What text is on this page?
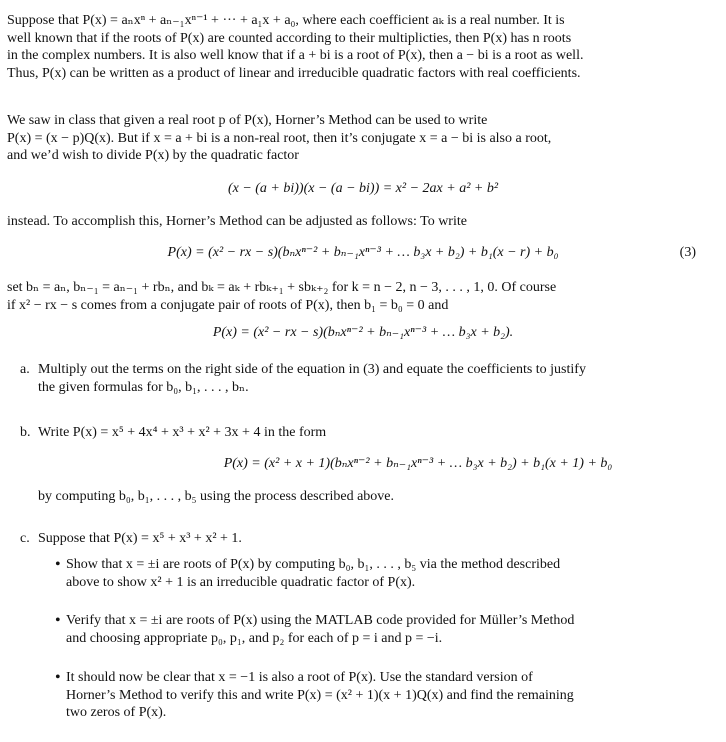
Suppose that P(x) = aₙxⁿ + aₙ₋₁xⁿ⁻¹ + ··· + a₁x + a₀, where each coefficient aₖ is a real number. It is
well known that if the roots of P(x) are counted according to their multiplicties, then P(x) has n roots
in the complex numbers. It is also well know that if a + bi is a root of P(x), then a − bi is a root as well.
Thus, P(x) can be written as a product of linear and irreducible quadratic factors with real coefficients.
We saw in class that given a real root p of P(x), Horner’s Method can be used to write
P(x) = (x − p)Q(x). But if x = a + bi is a non-real root, then it’s conjugate x = a − bi is also a root,
and we’d wish to divide P(x) by the quadratic factor
(x − (a + bi))(x − (a − bi)) = x² − 2ax + a² + b²
instead. To accomplish this, Horner’s Method can be adjusted as follows: To write
P(x) = (x² − rx − s)(bₙxⁿ⁻² + bₙ₋₁xⁿ⁻³ + … b₃x + b₂) + b₁(x − r) + b₀	(3)
set bₙ = aₙ, bₙ₋₁ = aₙ₋₁ + rbₙ, and bₖ = aₖ + rbₖ₊₁ + sbₖ₊₂ for k = n − 2, n − 3, . . . , 1, 0. Of course
if x² − rx − s comes from a conjugate pair of roots of P(x), then b₁ = b₀ = 0 and
P(x) = (x² − rx − s)(bₙxⁿ⁻² + bₙ₋₁xⁿ⁻³ + … b₃x + b₂).
a. Multiply out the terms on the right side of the equation in (3) and equate the coefficients to justify
the given formulas for b₀, b₁, . . . , bₙ.
b. Write P(x) = x⁵ + 4x⁴ + x³ + x² + 3x + 4 in the form
P(x) = (x² + x + 1)(bₙxⁿ⁻² + bₙ₋₁xⁿ⁻³ + … b₃x + b₂) + b₁(x + 1) + b₀
by computing b₀, b₁, . . . , b₅ using the process described above.
c. Suppose that P(x) = x⁵ + x³ + x² + 1.
• Show that x = ±i are roots of P(x) by computing b₀, b₁, . . . , b₅ via the method described
above to show x² + 1 is an irreducible quadratic factor of P(x).
• Verify that x = ±i are roots of P(x) using the MATLAB code provided for Müller’s Method
and choosing appropriate p₀, p₁, and p₂ for each of p = i and p = −i.
• It should now be clear that x = −1 is also a root of P(x). Use the standard version of
Horner’s Method to verify this and write P(x) = (x² + 1)(x + 1)Q(x) and find the remaining
two zeros of P(x).
